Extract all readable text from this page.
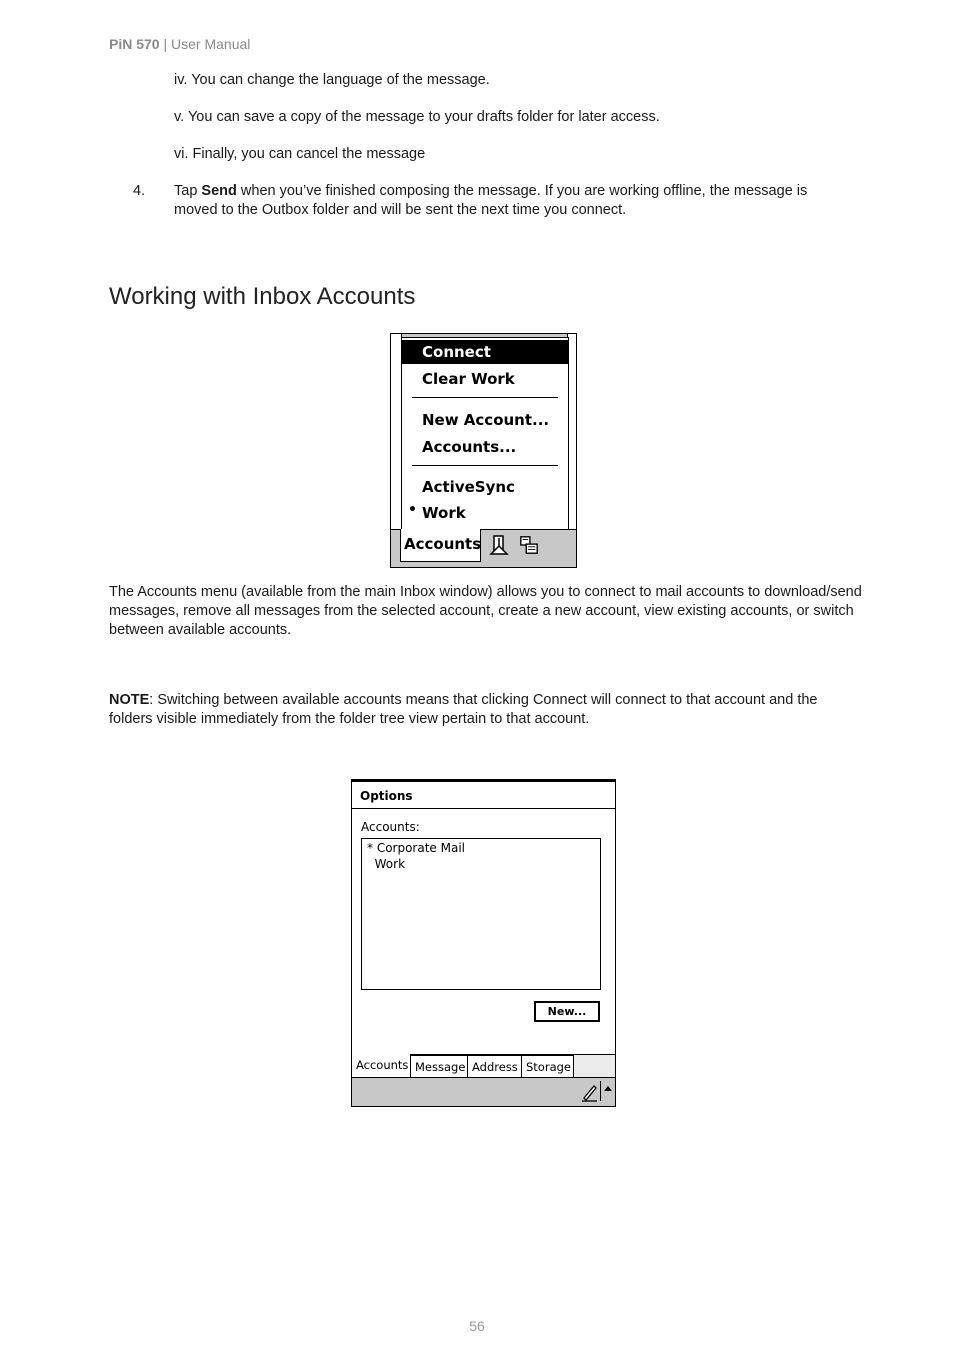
PiN 570 | User Manual
iv. You can change the language of the message.
v. You can save a copy of the message to your drafts folder for later access.
vi. Finally, you can cancel the message
4. Tap Send when you’ve finished composing the message. If you are working offline, the message is
moved to the Outbox folder and will be sent the next time you connect.
Working with Inbox Accounts
Connect
Clear Work
New Account...
Accounts...
ActiveSync
• Work
Accounts
The Accounts menu (available from the main Inbox window) allows you to connect to mail accounts to download/send messages, remove all messages from the selected account, create a new account, view existing accounts, or switch between available accounts.
NOTE: Switching between available accounts means that clicking Connect will connect to that account and the folders visible immediately from the folder tree view pertain to that account.
Options
Accounts:
* Corporate Mail
Work
New...
Accounts Message Address Storage
56
